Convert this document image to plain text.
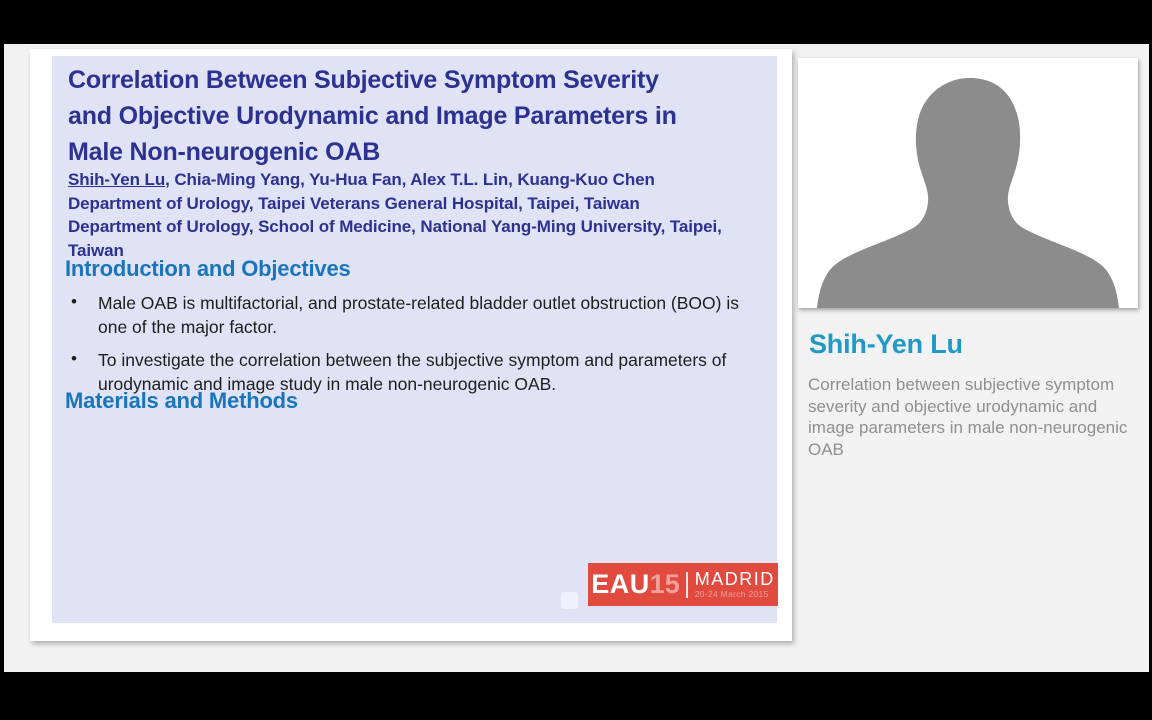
Correlation Between Subjective Symptom Severity
and Objective Urodynamic and Image Parameters in
Male Non-neurogenic OAB
Shih-Yen Lu, Chia-Ming Yang, Yu-Hua Fan, Alex T.L. Lin, Kuang-Kuo Chen
Department of Urology, Taipei Veterans General Hospital, Taipei, Taiwan
Department of Urology, School of Medicine, National Yang-Ming University, Taipei, Taiwan
Introduction and Objectives
• Male OAB is multifactorial, and prostate-related bladder outlet obstruction (BOO) is one of the major factor.
• To investigate the correlation between the subjective symptom and parameters of urodynamic and image study in male non-neurogenic OAB.
Materials and Methods
EAU 15 MADRID
20-24 March 2015
Shih-Yen Lu
Correlation between subjective symptom severity and objective urodynamic and image parameters in male non-neurogenic OAB
